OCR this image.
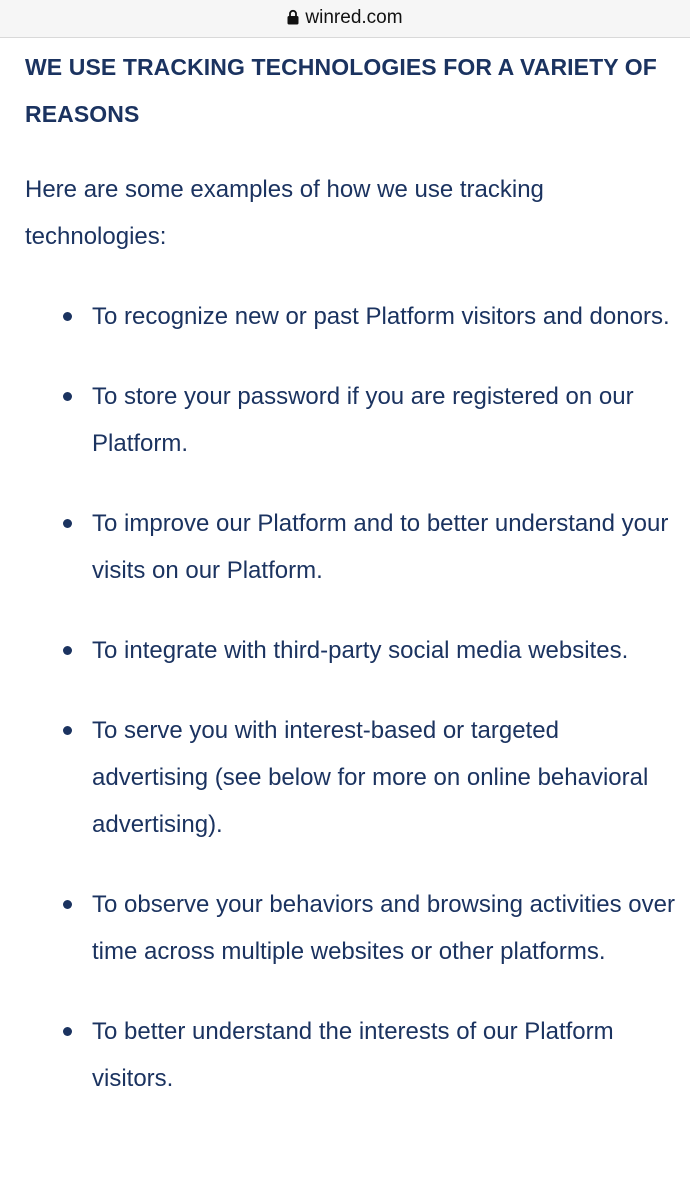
winred.com
WE USE TRACKING TECHNOLOGIES FOR A VARIETY OF REASONS

Here are some examples of how we use tracking technologies:

To recognize new or past Platform visitors and donors.
To store your password if you are registered on our Platform.
To improve our Platform and to better understand your visits on our Platform.
To integrate with third-party social media websites.
To serve you with interest-based or targeted advertising (see below for more on online behavioral advertising).
To observe your behaviors and browsing activities over time across multiple websites or other platforms.
To better understand the interests of our Platform visitors.
